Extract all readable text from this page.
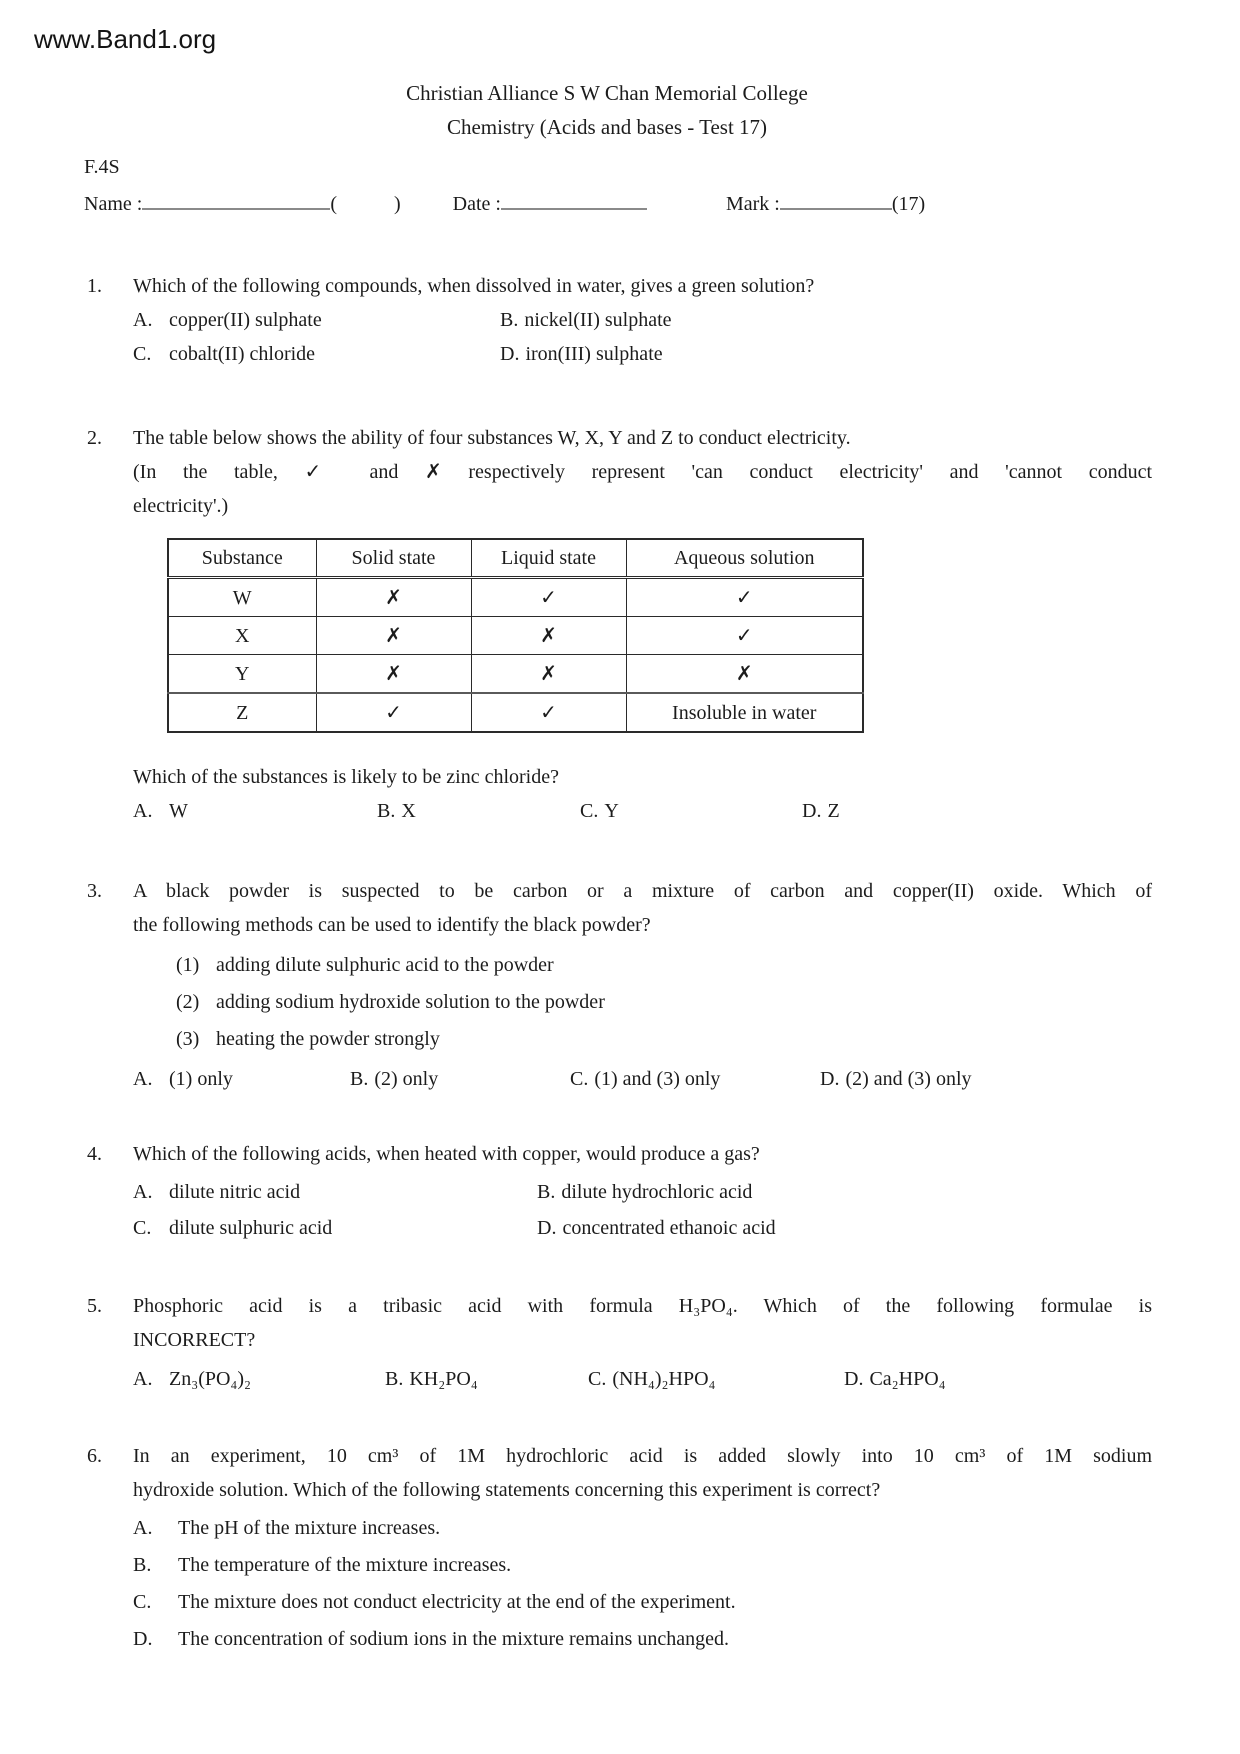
www.Band1.org
Christian Alliance S W Chan Memorial College
Chemistry (Acids and bases - Test 17)
F.4S
Name :	(	)	Date :	Mark :	(17)
1.	Which of the following compounds, when dissolved in water, gives a green solution?
A. copper(II) sulphate	B. nickel(II) sulphate
C. cobalt(II) chloride	D. iron(III) sulphate
2.	The table below shows the ability of four substances W, X, Y and Z to conduct electricity.
(In the table, ✓ and ✗ respectively represent 'can conduct electricity' and 'cannot conduct
electricity'.)
Substance	Solid state	Liquid state	Aqueous solution
W	✗	✓	✓
X	✗	✗	✓
Y	✗	✗	✗
Z	✓	✓	Insoluble in water
Which of the substances is likely to be zinc chloride?
A. W	B. X	C. Y	D. Z
3.	A black powder is suspected to be carbon or a mixture of carbon and copper(II) oxide. Which of
the following methods can be used to identify the black powder?
(1) adding dilute sulphuric acid to the powder
(2) adding sodium hydroxide solution to the powder
(3) heating the powder strongly
A. (1) only	B. (2) only	C. (1) and (3) only	D. (2) and (3) only
4.	Which of the following acids, when heated with copper, would produce a gas?
A. dilute nitric acid	B. dilute hydrochloric acid
C. dilute sulphuric acid	D. concentrated ethanoic acid
5.	Phosphoric acid is a tribasic acid with formula H₃PO₄. Which of the following formulae is
INCORRECT?
A. Zn₃(PO₄)₂	B. KH₂PO₄	C. (NH₄)₂HPO₄	D. Ca₂HPO₄
6.	In an experiment, 10 cm³ of 1M hydrochloric acid is added slowly into 10 cm³ of 1M sodium
hydroxide solution. Which of the following statements concerning this experiment is correct?
A. The pH of the mixture increases.
B. The temperature of the mixture increases.
C. The mixture does not conduct electricity at the end of the experiment.
D. The concentration of sodium ions in the mixture remains unchanged.
